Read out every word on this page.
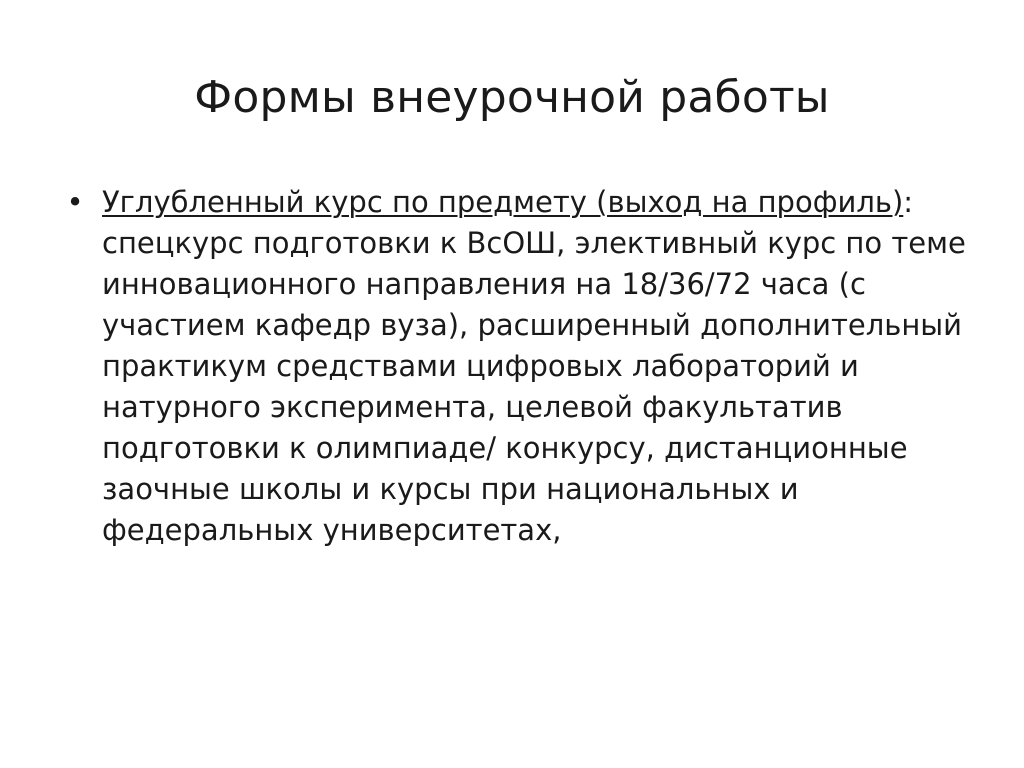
Формы внеурочной работы
• Углубленный курс по предмету (выход на профиль): спецкурс подготовки к ВсОШ, элективный курс по теме инновационного направления на 18/36/72 часа (с участием кафедр вуза), расширенный дополнительный практикум средствами цифровых лабораторий и натурного эксперимента, целевой факультатив подготовки к олимпиаде/ конкурсу, дистанционные заочные школы и курсы при национальных и федеральных университетах,
